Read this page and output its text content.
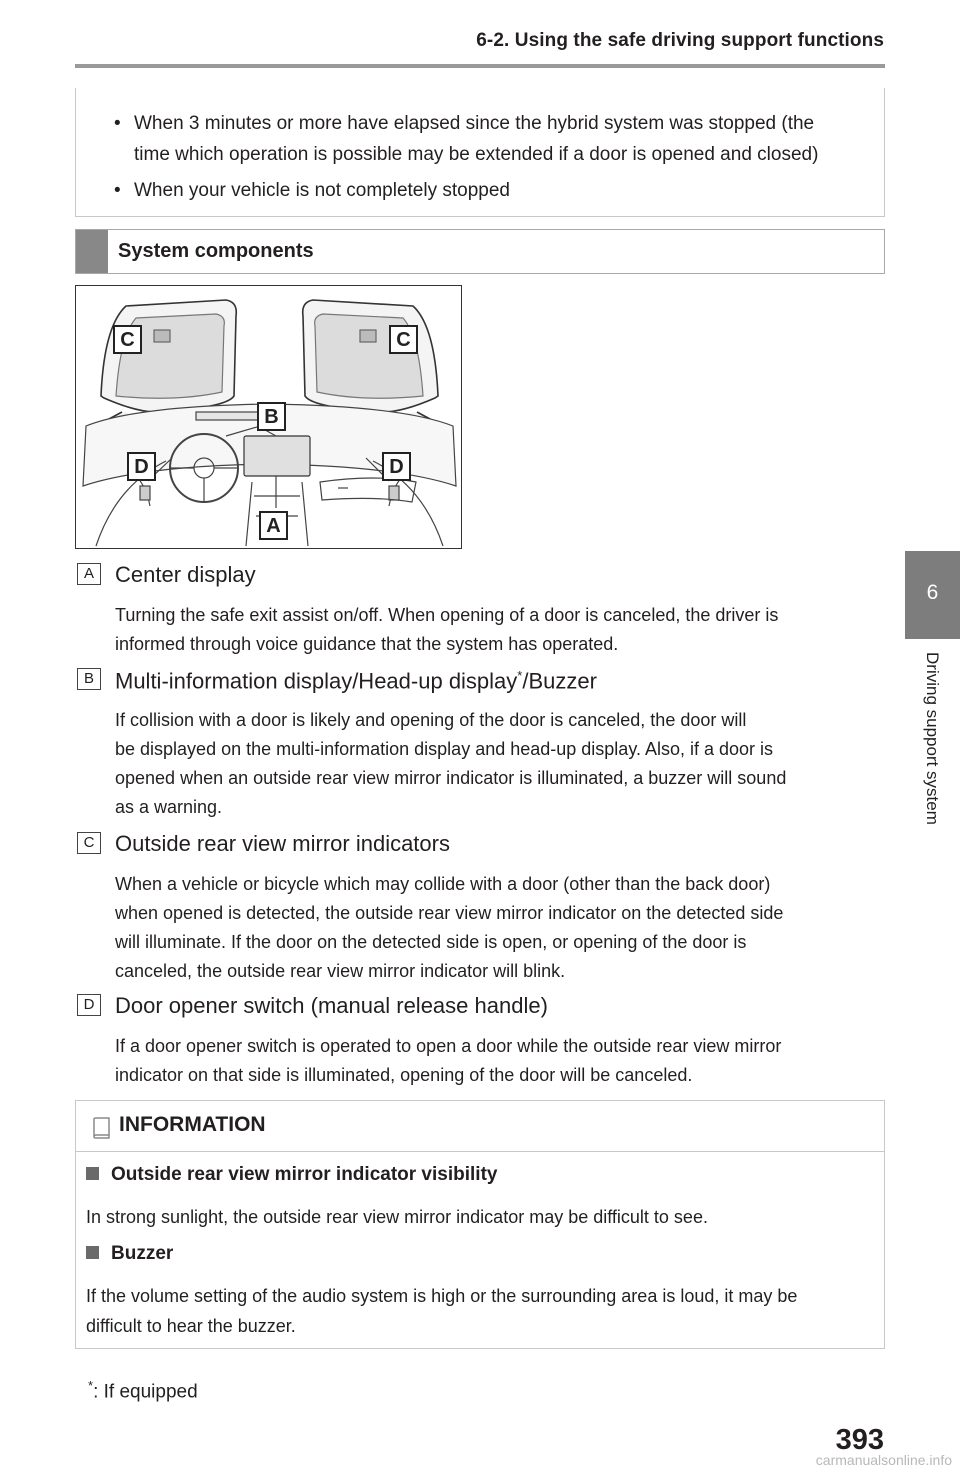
6-2. Using the safe driving support functions
6
Driving support system
• When 3 minutes or more have elapsed since the hybrid system was stopped (the
time which operation is possible may be extended if a door is opened and closed)
• When your vehicle is not completely stopped
System components
C	C
B
D	D
A
A Center display
Turning the safe exit assist on/off. When opening of a door is canceled, the driver is
informed through voice guidance that the system has operated.
B Multi-information display/Head-up display*/Buzzer
If collision with a door is likely and opening of the door is canceled, the door will
be displayed on the multi-information display and head-up display. Also, if a door is
opened when an outside rear view mirror indicator is illuminated, a buzzer will sound
as a warning.
C Outside rear view mirror indicators
When a vehicle or bicycle which may collide with a door (other than the back door)
when opened is detected, the outside rear view mirror indicator on the detected side
will illuminate. If the door on the detected side is open, or opening of the door is
canceled, the outside rear view mirror indicator will blink.
D Door opener switch (manual release handle)
If a door opener switch is operated to open a door while the outside rear view mirror
indicator on that side is illuminated, opening of the door will be canceled.
INFORMATION
Outside rear view mirror indicator visibility
In strong sunlight, the outside rear view mirror indicator may be difficult to see.
Buzzer
If the volume setting of the audio system is high or the surrounding area is loud, it may be
difficult to hear the buzzer.
*: If equipped
393
carmanualsonline.info
